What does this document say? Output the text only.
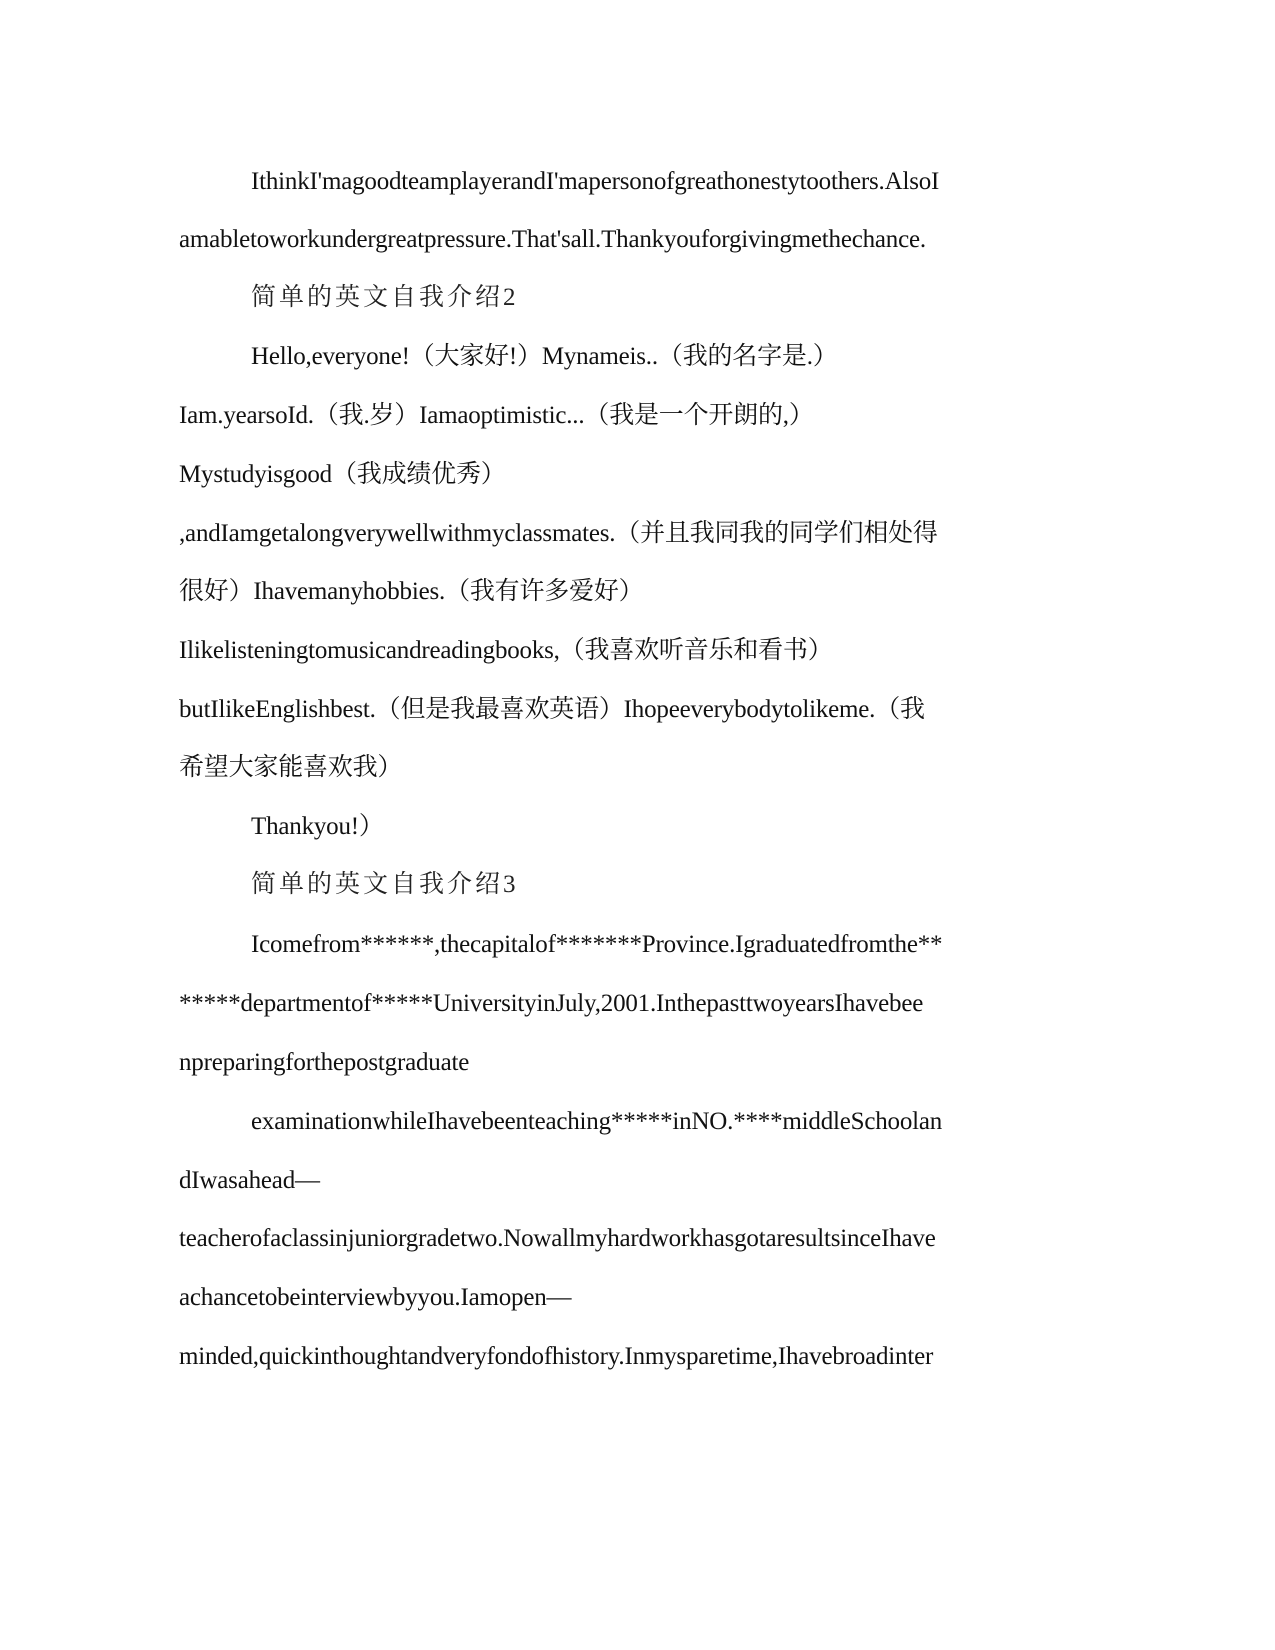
IthinkI'magoodteamplayerandI'mapersonofgreathonestytoothers.AlsoI
amabletoworkundergreatpressure.That'sall.Thankyouforgivingmethechance.
简单的英文自我介绍2
Hello,everyone!（大家好!）Mynameis..（我的名字是.）
Iam.yearsoId.（我.岁）Iamaoptimistic...（我是一个开朗的,）
Mystudyisgood（我成绩优秀）
,andIamgetalongverywellwithmyclassmates.（并且我同我的同学们相处得
很好）Ihavemanyhobbies.（我有许多爱好）
Ilikelisteningtomusicandreadingbooks,（我喜欢听音乐和看书）
butIlikeEnglishbest.（但是我最喜欢英语）Ihopeeverybodytolikeme.（我
希望大家能喜欢我）
Thankyou!）
简单的英文自我介绍3
Icomefrom******,thecapitalof*******Province.Igraduatedfromthe**
*****departmentof*****UniversityinJuly,2001.InthepasttwoyearsIhavebee
npreparingforthepostgraduate
examinationwhileIhavebeenteaching*****inNO.****middleSchoolan
dIwasahead—
teacherofaclassinjuniorgradetwo.NowallmyhardworkhasgotaresultsinceIhave
achancetobeinterviewbyyou.Iamopen—
minded,quickinthoughtandveryfondofhistory.Inmysparetime,Ihavebroadinter
